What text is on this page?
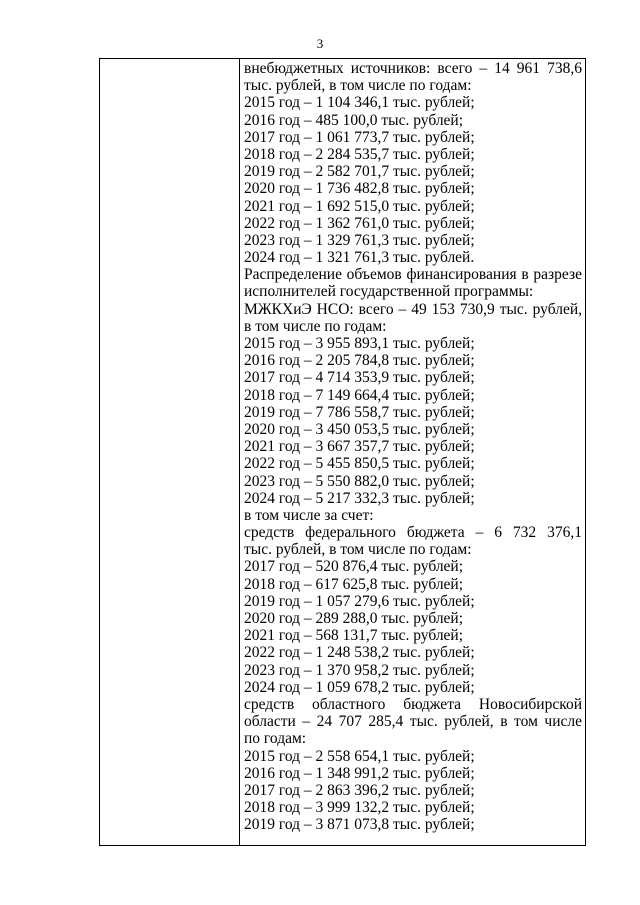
3
внебюджетных источников: всего – 14 961 738,6
тыс. рублей, в том числе по годам:
2015 год – 1 104 346,1 тыс. рублей;
2016 год – 485 100,0 тыс. рублей;
2017 год – 1 061 773,7 тыс. рублей;
2018 год – 2 284 535,7 тыс. рублей;
2019 год – 2 582 701,7 тыс. рублей;
2020 год – 1 736 482,8 тыс. рублей;
2021 год – 1 692 515,0 тыс. рублей;
2022 год – 1 362 761,0 тыс. рублей;
2023 год – 1 329 761,3 тыс. рублей;
2024 год – 1 321 761,3 тыс. рублей.
Распределение объемов финансирования в разрезе
исполнителей государственной программы:
МЖКХиЭ НСО: всего – 49 153 730,9 тыс. рублей,
в том числе по годам:
2015 год – 3 955 893,1 тыс. рублей;
2016 год – 2 205 784,8 тыс. рублей;
2017 год – 4 714 353,9 тыс. рублей;
2018 год – 7 149 664,4 тыс. рублей;
2019 год – 7 786 558,7 тыс. рублей;
2020 год – 3 450 053,5 тыс. рублей;
2021 год – 3 667 357,7 тыс. рублей;
2022 год – 5 455 850,5 тыс. рублей;
2023 год – 5 550 882,0 тыс. рублей;
2024 год – 5 217 332,3 тыс. рублей;
в том числе за счет:
средств федерального бюджета – 6 732 376,1
тыс. рублей, в том числе по годам:
2017 год – 520 876,4 тыс. рублей;
2018 год – 617 625,8 тыс. рублей;
2019 год – 1 057 279,6 тыс. рублей;
2020 год – 289 288,0 тыс. рублей;
2021 год – 568 131,7 тыс. рублей;
2022 год – 1 248 538,2 тыс. рублей;
2023 год – 1 370 958,2 тыс. рублей;
2024 год – 1 059 678,2 тыс. рублей;
средств областного бюджета Новосибирской
области – 24 707 285,4 тыс. рублей, в том числе
по годам:
2015 год – 2 558 654,1 тыс. рублей;
2016 год – 1 348 991,2 тыс. рублей;
2017 год – 2 863 396,2 тыс. рублей;
2018 год – 3 999 132,2 тыс. рублей;
2019 год – 3 871 073,8 тыс. рублей;
